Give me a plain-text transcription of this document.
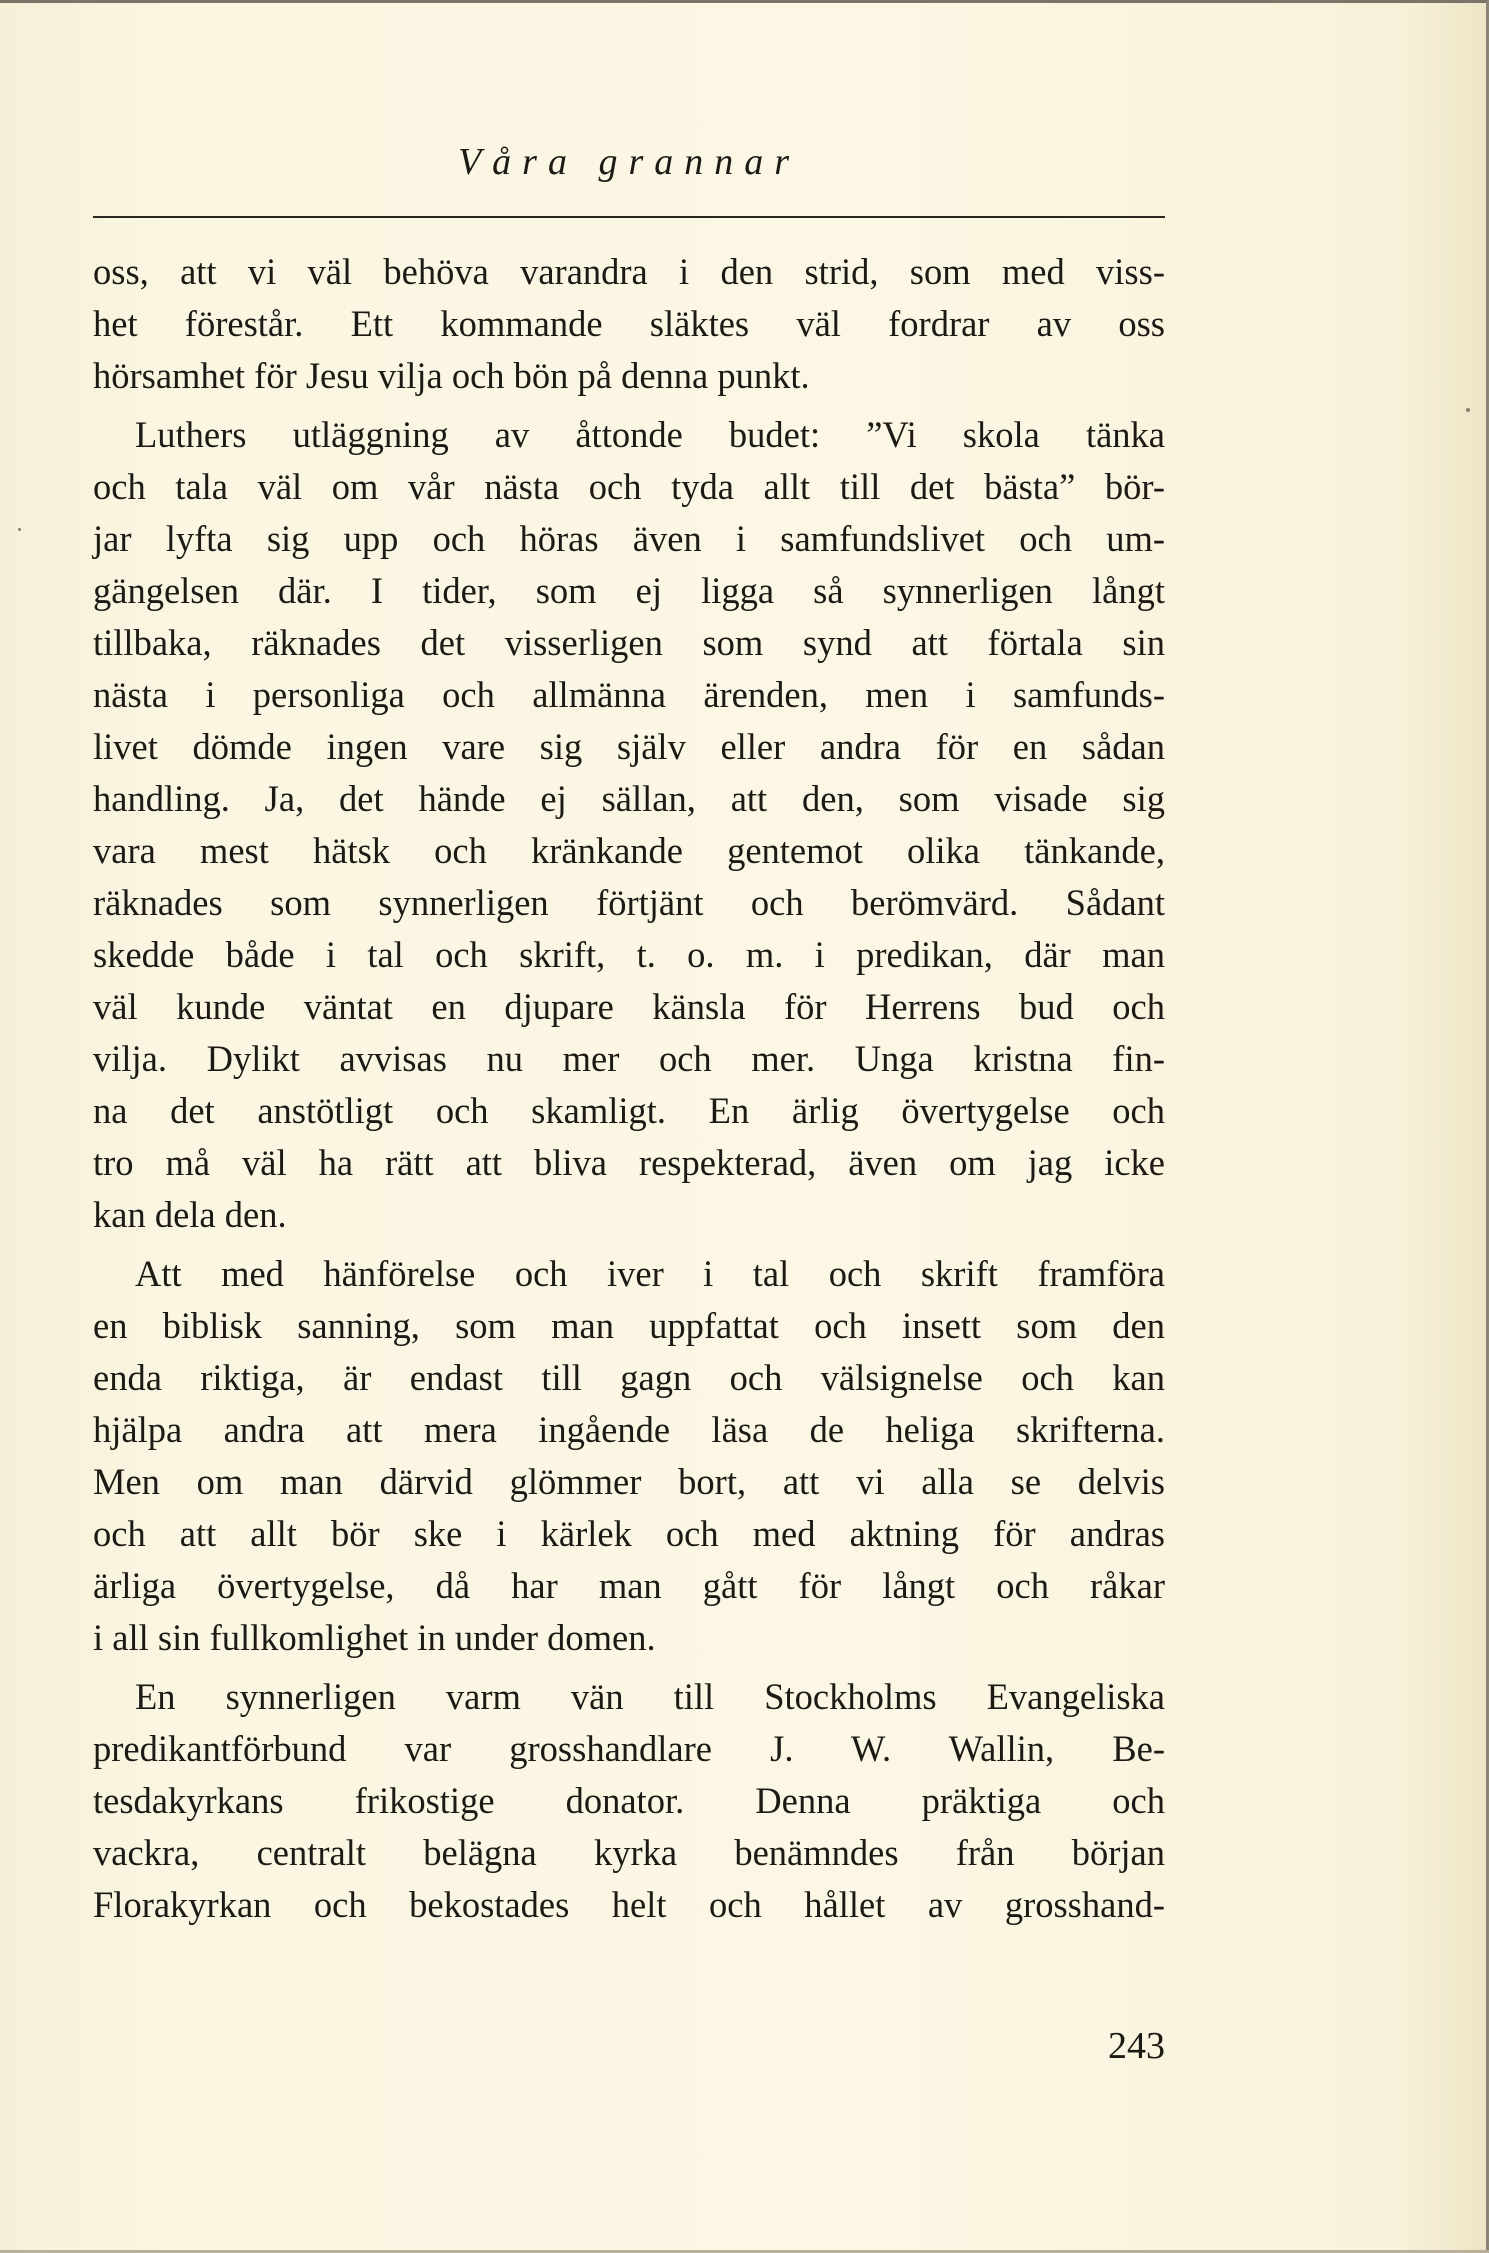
Våra grannar
oss, att vi väl behöva varandra i den strid, som med viss-
het förestår. Ett kommande släktes väl fordrar av oss
hörsamhet för Jesu vilja och bön på denna punkt.
Luthers utläggning av åttonde budet: ”Vi skola tänka
och tala väl om vår nästa och tyda allt till det bästa” bör-
jar lyfta sig upp och höras även i samfundslivet och um-
gängelsen där. I tider, som ej ligga så synnerligen långt
tillbaka, räknades det visserligen som synd att förtala sin
nästa i personliga och allmänna ärenden, men i samfunds-
livet dömde ingen vare sig själv eller andra för en sådan
handling. Ja, det hände ej sällan, att den, som visade sig
vara mest hätsk och kränkande gentemot olika tänkande,
räknades som synnerligen förtjänt och berömvärd. Sådant
skedde både i tal och skrift, t. o. m. i predikan, där man
väl kunde väntat en djupare känsla för Herrens bud och
vilja. Dylikt avvisas nu mer och mer. Unga kristna fin-
na det anstötligt och skamligt. En ärlig övertygelse och
tro må väl ha rätt att bliva respekterad, även om jag icke
kan dela den.
Att med hänförelse och iver i tal och skrift framföra
en biblisk sanning, som man uppfattat och insett som den
enda riktiga, är endast till gagn och välsignelse och kan
hjälpa andra att mera ingående läsa de heliga skrifterna.
Men om man därvid glömmer bort, att vi alla se delvis
och att allt bör ske i kärlek och med aktning för andras
ärliga övertygelse, då har man gått för långt och råkar
i all sin fullkomlighet in under domen.
En synnerligen varm vän till Stockholms Evangeliska
predikantförbund var grosshandlare J. W. Wallin, Be-
tesdakyrkans frikostige donator. Denna präktiga och
vackra, centralt belägna kyrka benämndes från början
Florakyrkan och bekostades helt och hållet av grosshand-
243
